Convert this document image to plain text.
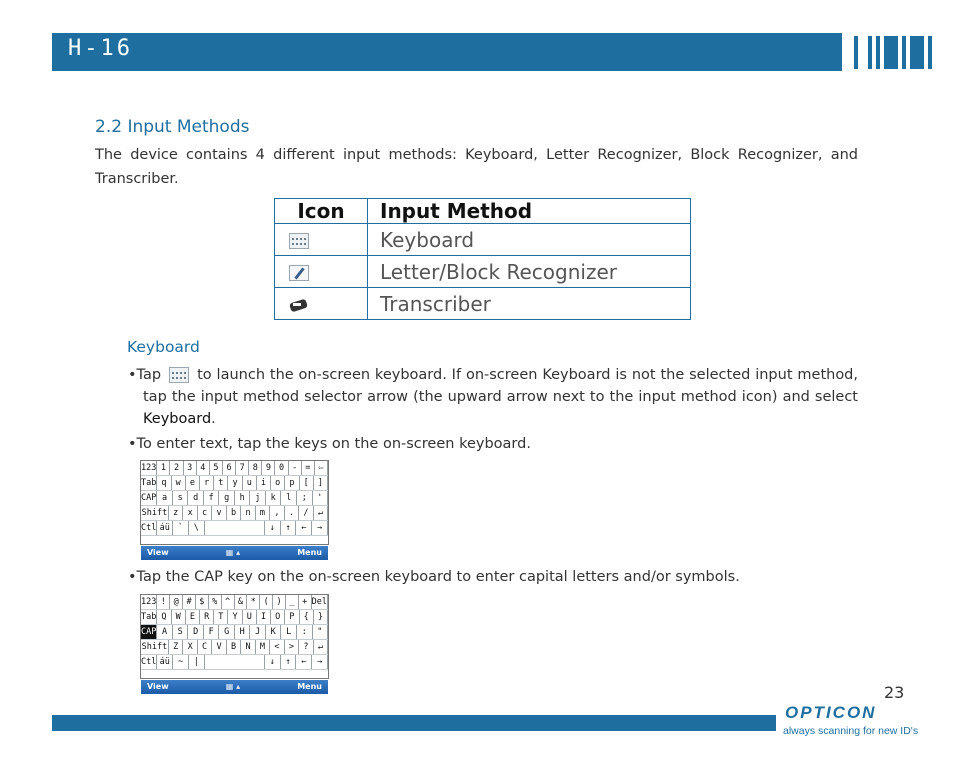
H-16
2.2 Input Methods
The device contains 4 different input methods: Keyboard, Letter Recognizer, Block Recognizer, and Transcriber.
Icon	Input Method
	Keyboard
	Letter/Block Recognizer
	Transcriber
Keyboard
•Tap to launch the on-screen keyboard. If on-screen Keyboard is not the selected input method, tap the input method selector arrow (the upward arrow next to the input method icon) and select Keyboard.
•To enter text, tap the keys on the on-screen keyboard.
123 1 2 3 4 5 6 7 8 9 0 - = ⇦
Tab q	w	e	r	t	y	u	i	o	p	[	]
CAP a	s	d	f	g	h	j	k	l	;	'
Shift z	x	c	v	b	n	m	,	.	/	↵
Ctl áü `	\	↓	↑	←	→
View	▦ ▴	Menu
•Tap the CAP key on the on-screen keyboard to enter capital letters and/or symbols.
123 ! @ # $ % ^ & * ( ) _ + Del
Tab Q	W	E	R	T	Y	U	I	O	P	{	}
CAP A	S	D	F	G	H	J	K	L	:	"
Shift Z	X	C	V	B	N	M	<	>	?	↵
Ctl áü ~	|	↓	↑	←	→
View	▦ ▴	Menu	23
OPTICON
always scanning for new ID's
